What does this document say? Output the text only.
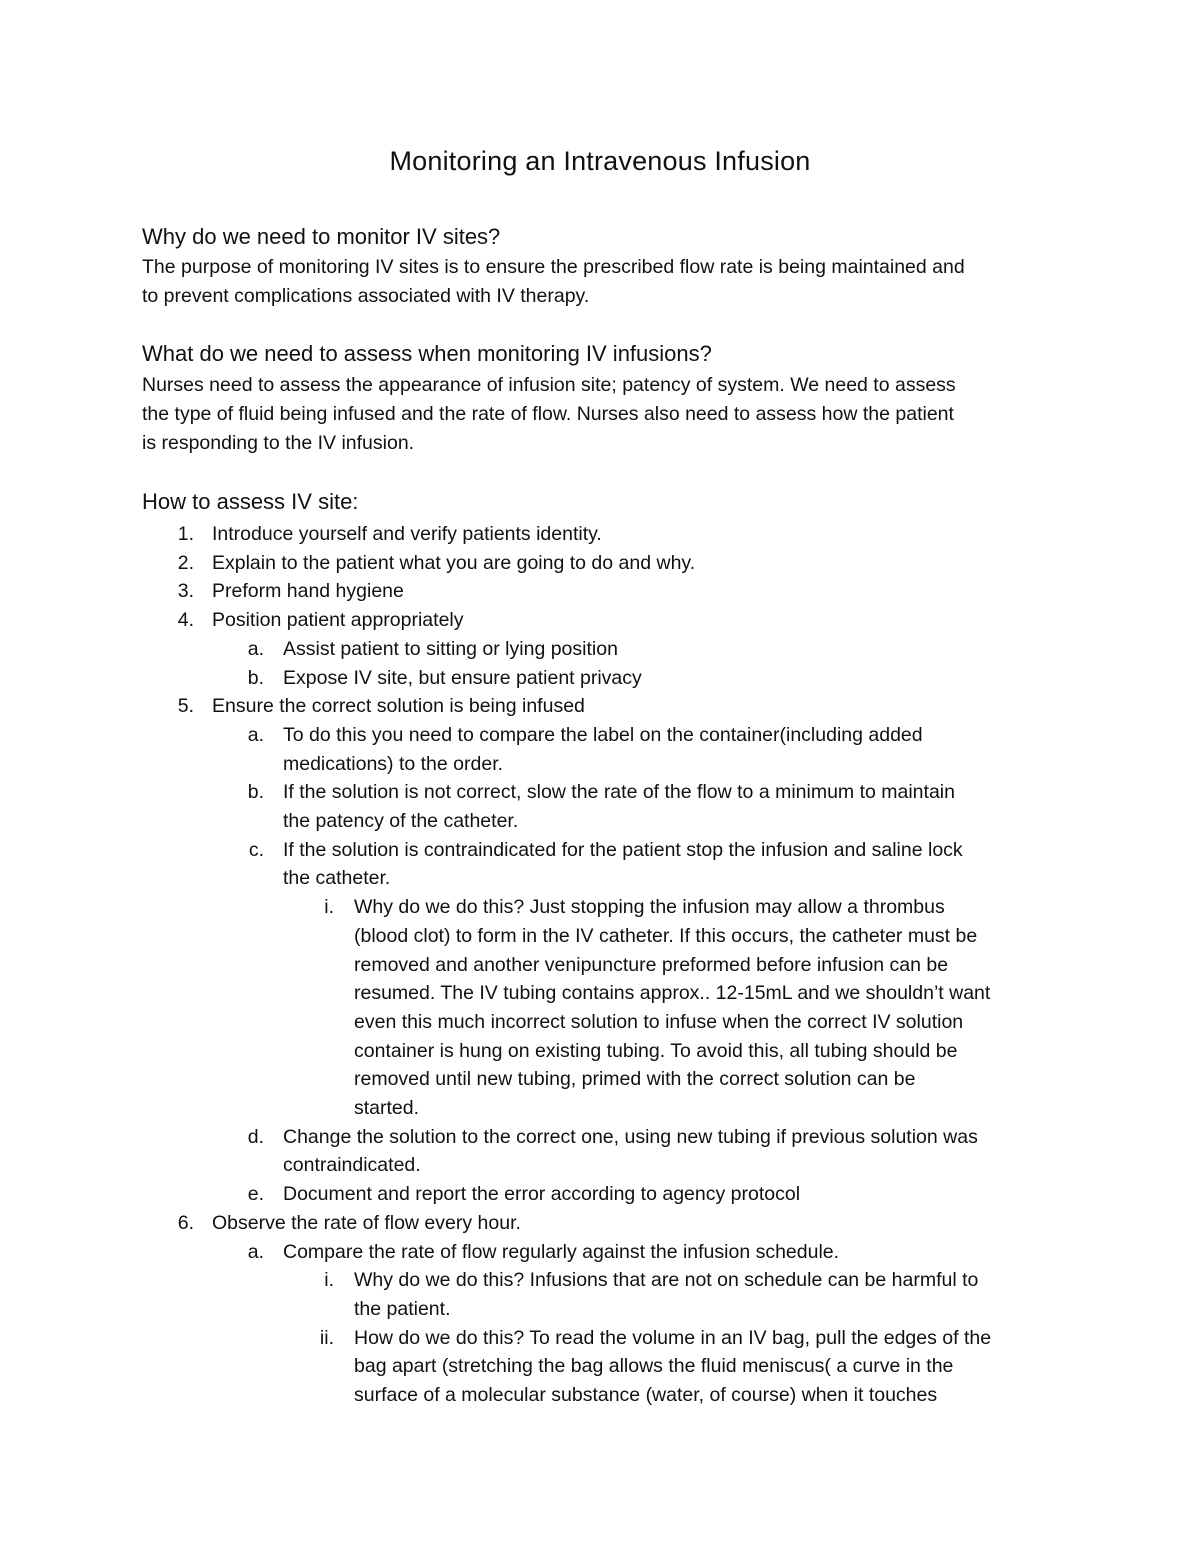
Monitoring an Intravenous Infusion
Why do we need to monitor IV sites?
The purpose of monitoring IV sites is to ensure the prescribed flow rate is being maintained and
to prevent complications associated with IV therapy.
What do we need to assess when monitoring IV infusions?
Nurses need to assess the appearance of infusion site; patency of system. We need to assess
the type of fluid being infused and the rate of flow. Nurses also need to assess how the patient
is responding to the IV infusion.
How to assess IV site:
1. Introduce yourself and verify patients identity.
2. Explain to the patient what you are going to do and why.
3. Preform hand hygiene
4. Position patient appropriately
a. Assist patient to sitting or lying position
b. Expose IV site, but ensure patient privacy
5. Ensure the correct solution is being infused
a. To do this you need to compare the label on the container(including added
medications) to the order.
b. If the solution is not correct, slow the rate of the flow to a minimum to maintain
the patency of the catheter.
c. If the solution is contraindicated for the patient stop the infusion and saline lock
the catheter.
i.	Why do we do this? Just stopping the infusion may allow a thrombus
(blood clot) to form in the IV catheter. If this occurs, the catheter must be
removed and another venipuncture preformed before infusion can be
resumed. The IV tubing contains approx.. 12-15mL and we shouldn’t want
even this much incorrect solution to infuse when the correct IV solution
container is hung on existing tubing. To avoid this, all tubing should be
removed until new tubing, primed with the correct solution can be
started.
d. Change the solution to the correct one, using new tubing if previous solution was
contraindicated.
e. Document and report the error according to agency protocol
6. Observe the rate of flow every hour.
a. Compare the rate of flow regularly against the infusion schedule.
i.	Why do we do this? Infusions that are not on schedule can be harmful to
the patient.
ii.	How do we do this? To read the volume in an IV bag, pull the edges of the
bag apart (stretching the bag allows the fluid meniscus( a curve in the
surface of a molecular substance (water, of course) when it touches
